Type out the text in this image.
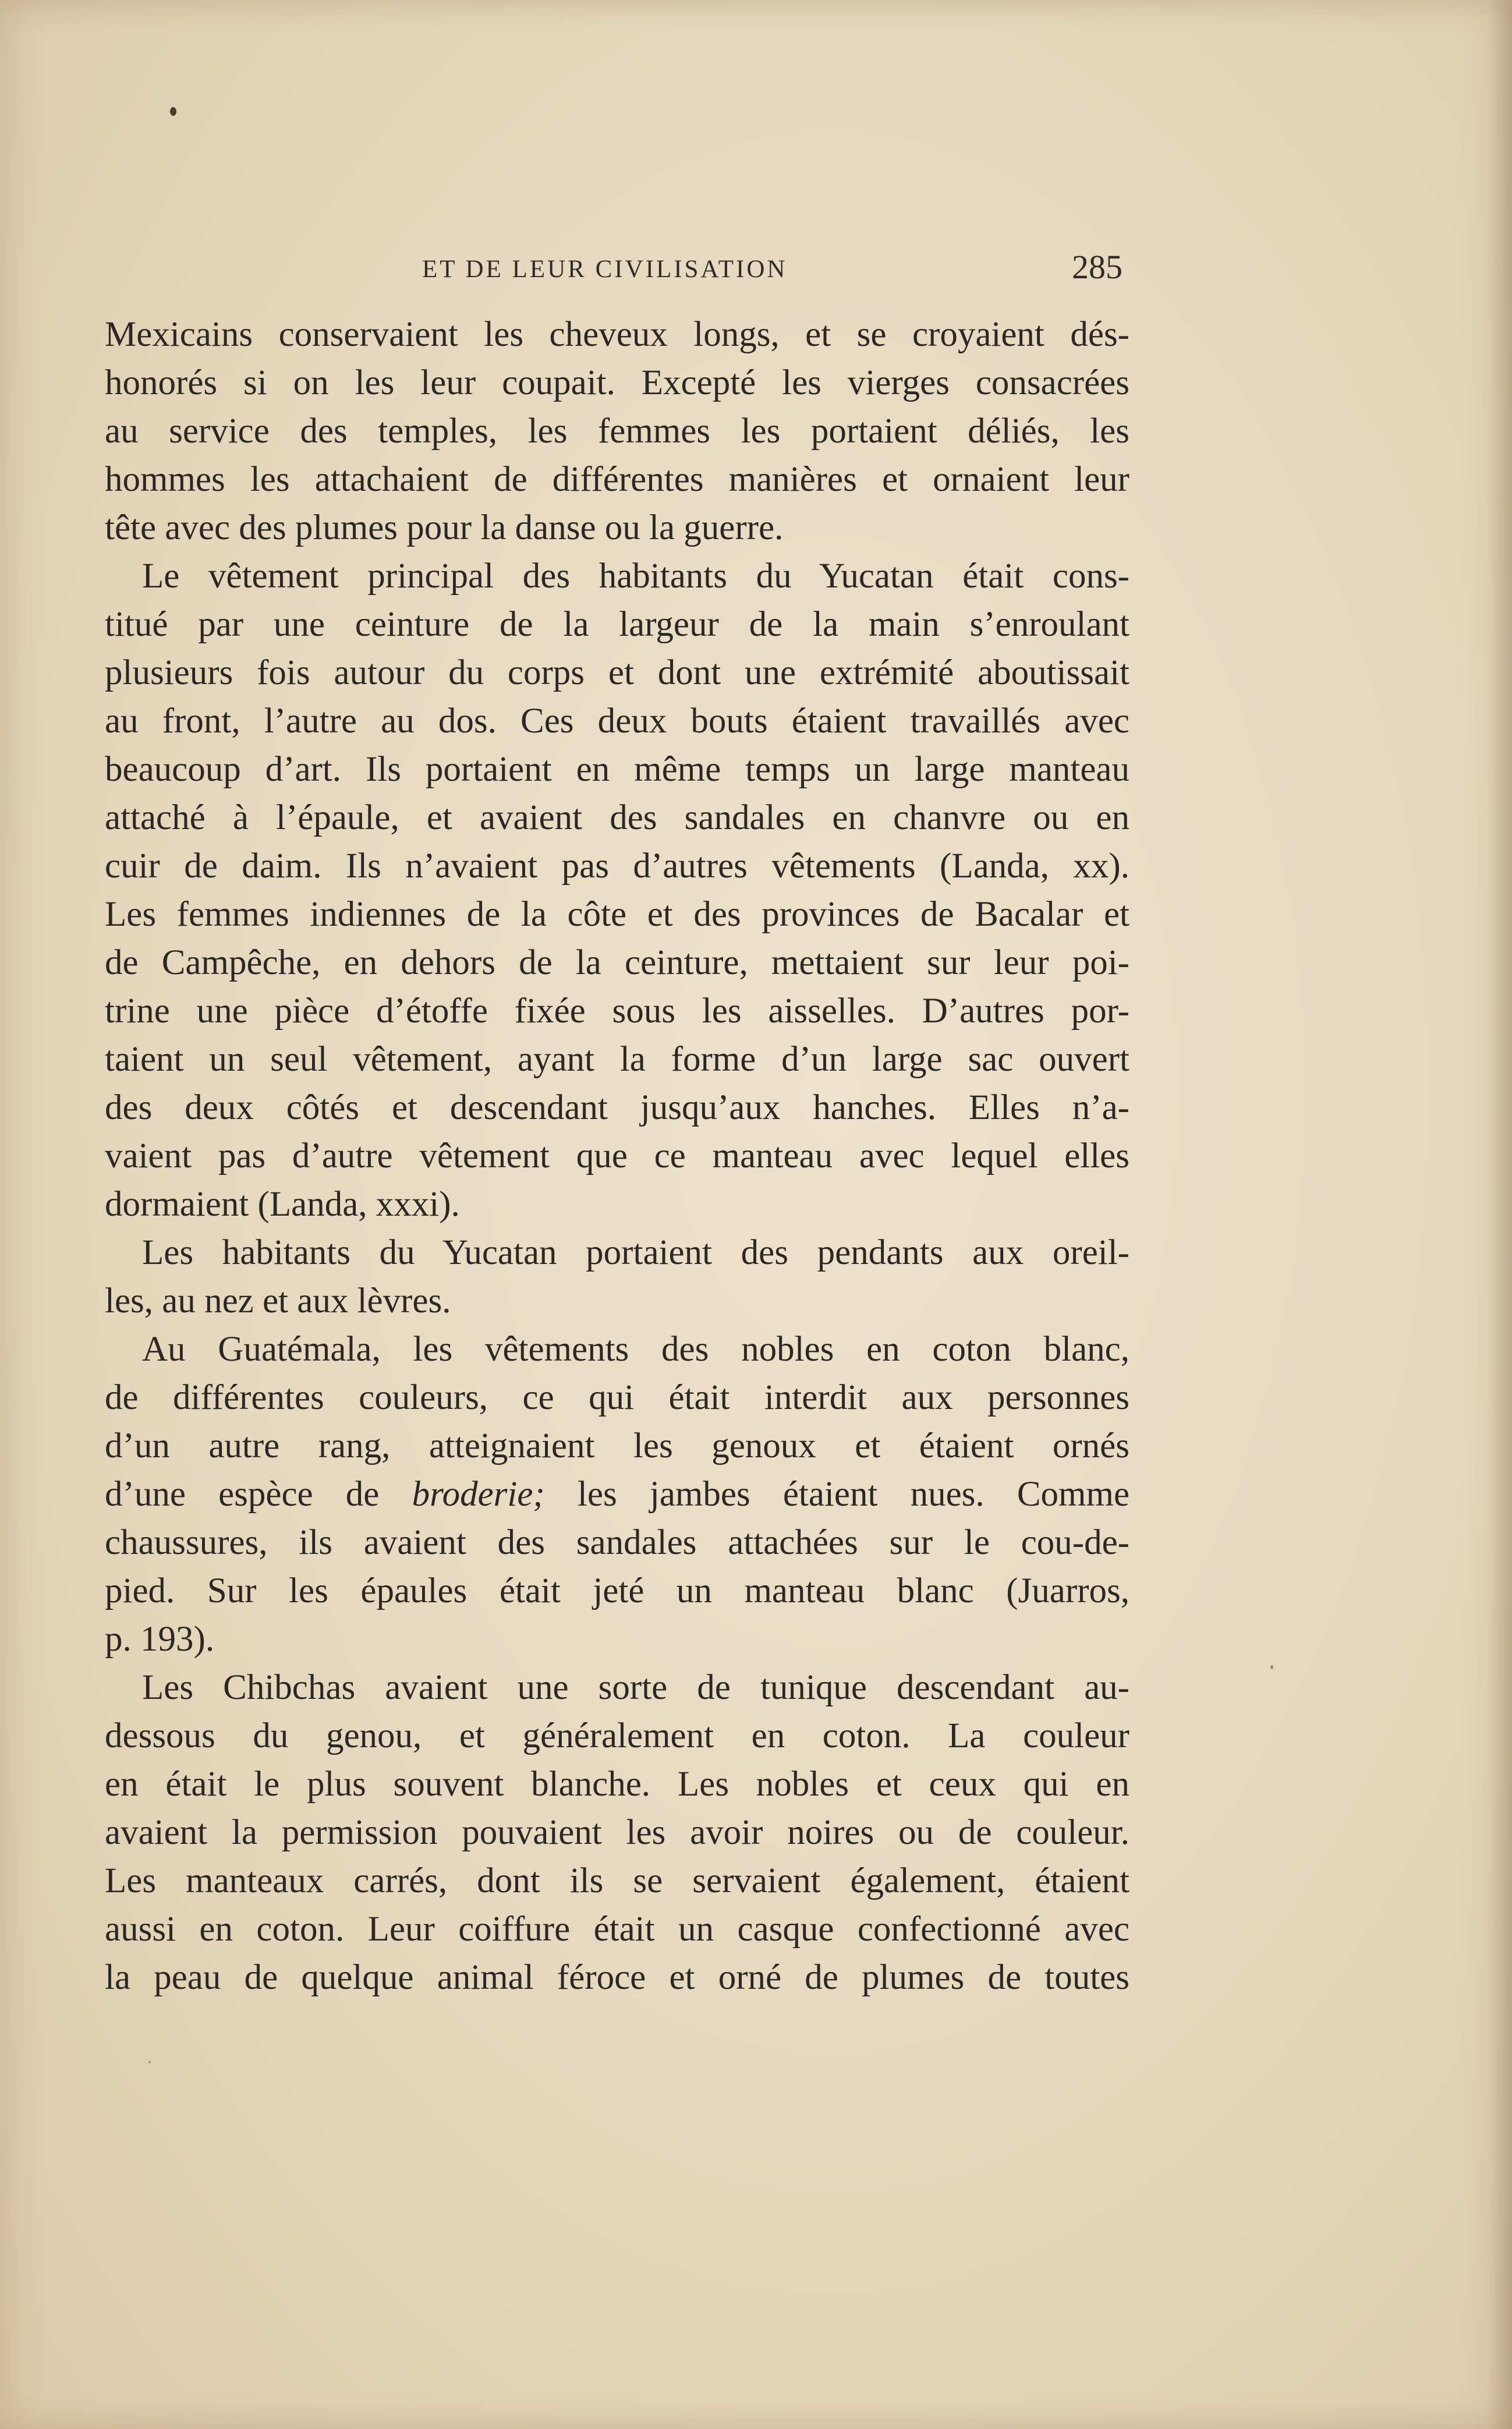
ET DE LEUR CIVILISATION	285
Mexicains conservaient les cheveux longs, et se croyaient dés-
honorés si on les leur coupait. Excepté les vierges consacrées
au service des temples, les femmes les portaient déliés, les
hommes les attachaient de différentes manières et ornaient leur
tête avec des plumes pour la danse ou la guerre.
Le vêtement principal des habitants du Yucatan était cons-
titué par une ceinture de la largeur de la main s’enroulant
plusieurs fois autour du corps et dont une extrémité aboutissait
au front, l’autre au dos. Ces deux bouts étaient travaillés avec
beaucoup d’art. Ils portaient en même temps un large manteau
attaché à l’épaule, et avaient des sandales en chanvre ou en
cuir de daim. Ils n’avaient pas d’autres vêtements (Landa, xx).
Les femmes indiennes de la côte et des provinces de Bacalar et
de Campêche, en dehors de la ceinture, mettaient sur leur poi-
trine une pièce d’étoffe fixée sous les aisselles. D’autres por-
taient un seul vêtement, ayant la forme d’un large sac ouvert
des deux côtés et descendant jusqu’aux hanches. Elles n’a-
vaient pas d’autre vêtement que ce manteau avec lequel elles
dormaient (Landa, xxxi).
Les habitants du Yucatan portaient des pendants aux oreil-
les, au nez et aux lèvres.
Au Guatémala, les vêtements des nobles en coton blanc,
de différentes couleurs, ce qui était interdit aux personnes
d’un autre rang, atteignaient les genoux et étaient ornés
d’une espèce de broderie; les jambes étaient nues. Comme
chaussures, ils avaient des sandales attachées sur le cou-de-
pied. Sur les épaules était jeté un manteau blanc (Juarros,
p. 193).
Les Chibchas avaient une sorte de tunique descendant au-
dessous du genou, et généralement en coton. La couleur
en était le plus souvent blanche. Les nobles et ceux qui en
avaient la permission pouvaient les avoir noires ou de couleur.
Les manteaux carrés, dont ils se servaient également, étaient
aussi en coton. Leur coiffure était un casque confectionné avec
la peau de quelque animal féroce et orné de plumes de toutes
